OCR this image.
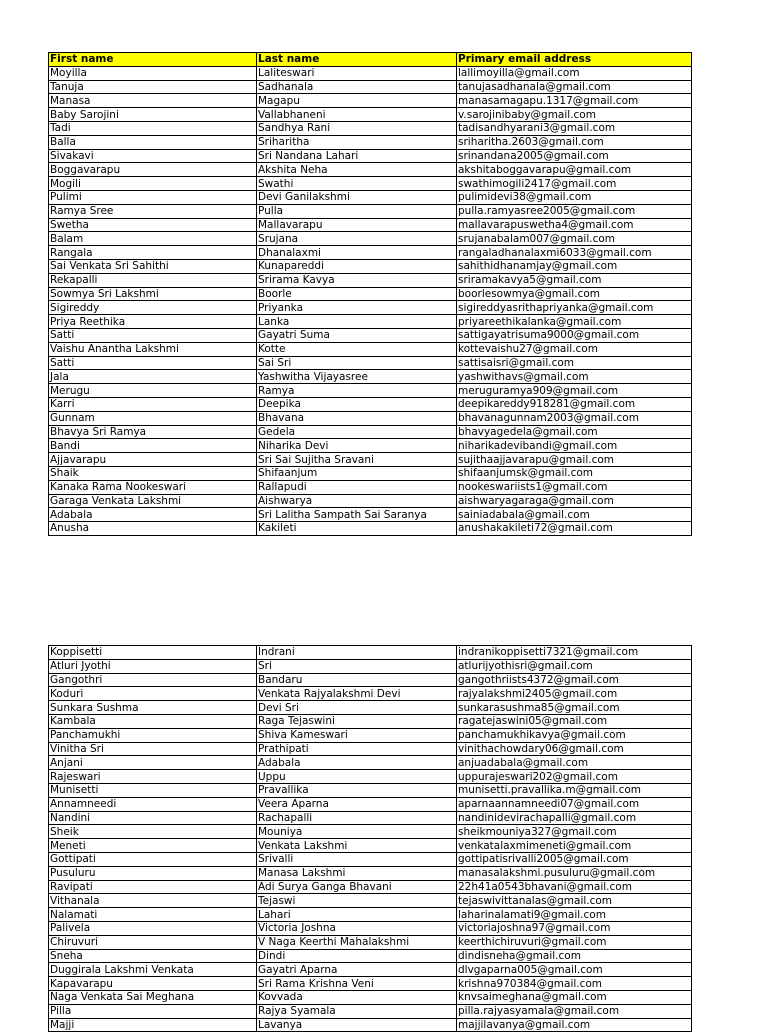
First name	Last name	Primary email address
Moyilla	Laliteswari	lallimoyilla@gmail.com
Tanuja	Sadhanala	tanujasadhanala@gmail.com
Manasa	Magapu	manasamagapu.1317@gmail.com
Baby Sarojini	Vallabhaneni	v.sarojinibaby@gmail.com
Tadi	Sandhya Rani	tadisandhyarani3@gmail.com
Balla	Sriharitha	sriharitha.2603@gmail.com
Sivakavi	Sri Nandana Lahari	srinandana2005@gmail.com
Boggavarapu	Akshita Neha	akshitaboggavarapu@gmail.com
Mogili	Swathi	swathimogili2417@gmail.com
Pulimi	Devi Ganilakshmi	pulimidevi38@gmail.com
Ramya Sree	Pulla	pulla.ramyasree2005@gmail.com
Swetha	Mallavarapu	mallavarapuswetha4@gmail.com
Balam	Srujana	srujanabalam007@gmail.com
Rangala	Dhanalaxmi	rangaladhanalaxmi6033@gmail.com
Sai Venkata Sri Sahithi	Kunapareddi	sahithidhanamjay@gmail.com
Rekapalli	Srirama Kavya	sriramakavya5@gmail.com
Sowmya Sri Lakshmi	Boorle	boorlesowmya@gmail.com
Sigireddy	Priyanka	sigireddyasrithapriyanka@gmail.com
Priya Reethika	Lanka	priyareethikalanka@gmail.com
Satti	Gayatri Suma	sattigayatrisuma9000@gmail.com
Vaishu Anantha Lakshmi	Kotte	kottevaishu27@gmail.com
Satti	Sai Sri	sattisaisri@gmail.com
Jala	Yashwitha Vijayasree	yashwithavs@gmail.com
Merugu	Ramya	meruguramya909@gmail.com
Karri	Deepika	deepikareddy918281@gmail.com
Gunnam	Bhavana	bhavanagunnam2003@gmail.com
Bhavya Sri Ramya	Gedela	bhavyagedela@gmail.com
Bandi	Niharika Devi	niharikadevibandi@gmail.com
Ajjavarapu	Sri Sai Sujitha Sravani	sujithaajjavarapu@gmail.com
Shaik	Shifaanjum	shifaanjumsk@gmail.com
Kanaka Rama Nookeswari	Rallapudi	nookeswariists1@gmail.com
Garaga Venkata Lakshmi	Aishwarya	aishwaryagaraga@gmail.com
Adabala	Sri Lalitha Sampath Sai Saranya	sainiadabala@gmail.com
Anusha	Kakileti	anushakakileti72@gmail.com
Koppisetti	Indrani	indranikoppisetti7321@gmail.com
Atluri Jyothi	Sri	atlurijyothisri@gmail.com
Gangothri	Bandaru	gangothriists4372@gmail.com
Koduri	Venkata Rajyalakshmi Devi	rajyalakshmi2405@gmail.com
Sunkara Sushma	Devi Sri	sunkarasushma85@gmail.com
Kambala	Raga Tejaswini	ragatejaswini05@gmail.com
Panchamukhi	Shiva Kameswari	panchamukhikavya@gmail.com
Vinitha Sri	Prathipati	vinithachowdary06@gmail.com
Anjani	Adabala	anjuadabala@gmail.com
Rajeswari	Uppu	uppurajeswari202@gmail.com
Munisetti	Pravallika	munisetti.pravallika.m@gmail.com
Annamneedi	Veera Aparna	aparnaannamneedi07@gmail.com
Nandini	Rachapalli	nandinidevirachapalli@gmail.com
Sheik	Mouniya	sheikmouniya327@gmail.com
Meneti	Venkata Lakshmi	venkatalaxmimeneti@gmail.com
Gottipati	Srivalli	gottipatisrivalli2005@gmail.com
Pusuluru	Manasa Lakshmi	manasalakshmi.pusuluru@gmail.com
Ravipati	Adi Surya Ganga Bhavani	22h41a0543bhavani@gmail.com
Vithanala	Tejaswi	tejaswivittanalas@gmail.com
Nalamati	Lahari	laharinalamati9@gmail.com
Palivela	Victoria Joshna	victoriajoshna97@gmail.com
Chiruvuri	V Naga Keerthi Mahalakshmi	keerthichiruvuri@gmail.com
Sneha	Dindi	dindisneha@gmail.com
Duggirala Lakshmi Venkata	Gayatri Aparna	dlvgaparna005@gmail.com
Kapavarapu	Sri Rama Krishna Veni	krishna970384@gmail.com
Naga Venkata Sai Meghana	Kovvada	knvsaimeghana@gmail.com
Pilla	Rajya Syamala	pilla.rajyasyamala@gmail.com
Majji	Lavanya	majjilavanya@gmail.com
